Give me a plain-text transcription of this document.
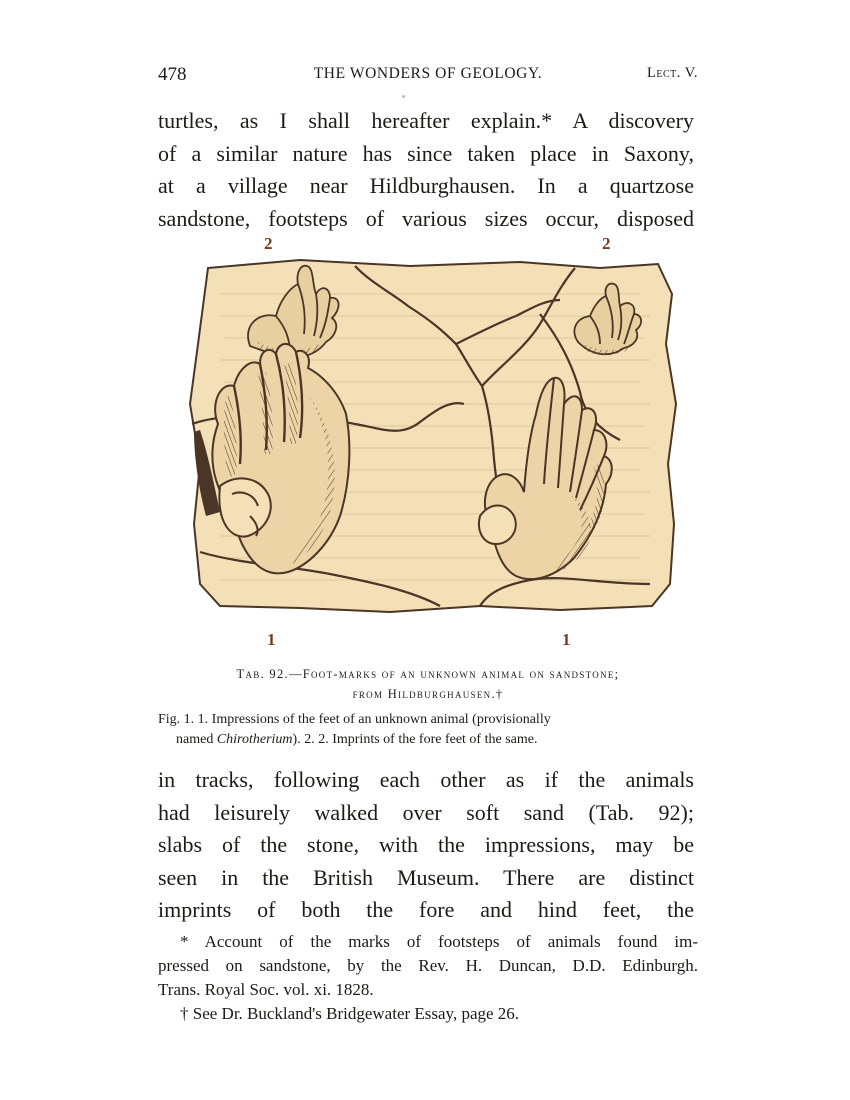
478	THE WONDERS OF GEOLOGY.	Lect. V.

turtles, as I shall hereafter explain.* A discovery
of a similar nature has since taken place in Saxony,
at a village near Hildburghausen. In a quartzose
sandstone, footsteps of various sizes occur, disposed

2	2
1	1
Tab. 92.—Foot-marks of an unknown animal on sandstone;
from Hildburghausen.†
Fig. 1. 1. Impressions of the feet of an unknown animal (provisionally
named Chirotherium). 2. 2. Imprints of the fore feet of the same.

in tracks, following each other as if the animals
had leisurely walked over soft sand (Tab. 92);
slabs of the stone, with the impressions, may be
seen in the British Museum. There are distinct
imprints of both the fore and hind feet, the

* Account of the marks of footsteps of animals found im-
pressed on sandstone, by the Rev. H. Duncan, D.D. Edinburgh.
Trans. Royal Soc. vol. xi. 1828.
† See Dr. Buckland's Bridgewater Essay, page 26.
